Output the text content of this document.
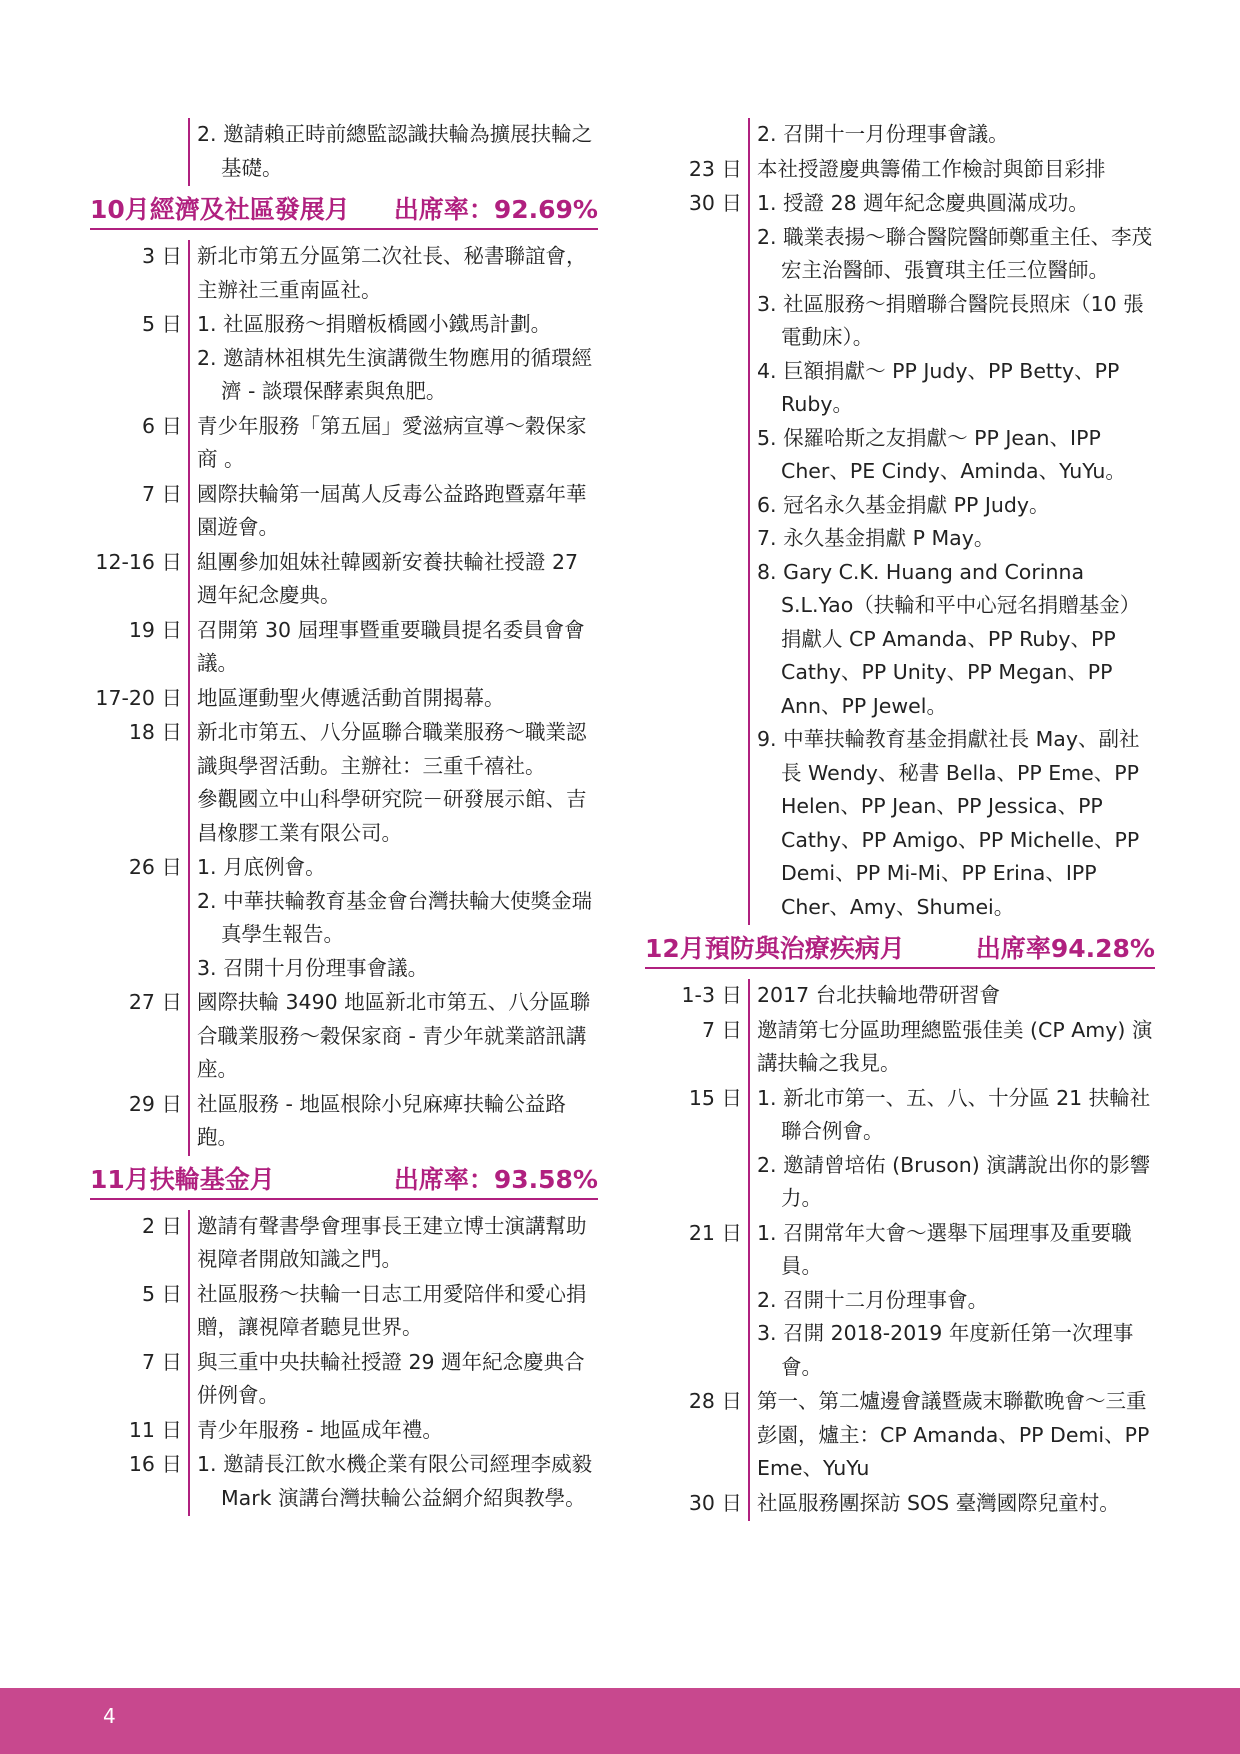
2. 邀請賴正時前總監認識扶輪為擴展扶輪之基礎。
10月經濟及社區發展月 出席率：92.69%
3 日 新北市第五分區第二次社長、秘書聯誼會，主辦社三重南區社。
5 日 1. 社區服務～捐贈板橋國小鐵馬計劃。
2. 邀請林祖棋先生演講微生物應用的循環經濟 - 談環保酵素與魚肥。
6 日 青少年服務「第五屆」愛滋病宣導～穀保家商 。
7 日 國際扶輪第一屆萬人反毒公益路跑暨嘉年華園遊會。
12-16 日 組團參加姐妹社韓國新安養扶輪社授證 27 週年紀念慶典。
19 日 召開第 30 屆理事暨重要職員提名委員會會議。
17-20 日 地區運動聖火傳遞活動首開揭幕。
18 日 新北市第五、八分區聯合職業服務～職業認識與學習活動。主辦社：三重千禧社。
參觀國立中山科學研究院－研發展示館、吉昌橡膠工業有限公司。
26 日 1. 月底例會。
2. 中華扶輪教育基金會台灣扶輪大使獎金瑞真學生報告。
3. 召開十月份理事會議。
27 日 國際扶輪 3490 地區新北市第五、八分區聯合職業服務～穀保家商 - 青少年就業諮訊講座。
29 日 社區服務 - 地區根除小兒麻痺扶輪公益路跑。
11月扶輪基金月	出席率：93.58%
2 日 邀請有聲書學會理事長王建立博士演講幫助視障者開啟知識之門。
5 日 社區服務～扶輪一日志工用愛陪伴和愛心捐贈，讓視障者聽見世界。
7 日 與三重中央扶輪社授證 29 週年紀念慶典合併例會。
11 日 青少年服務 - 地區成年禮。
16 日 1. 邀請長江飲水機企業有限公司經理李威毅 Mark 演講台灣扶輪公益網介紹與教學。
2. 召開十一月份理事會議。
23 日 本社授證慶典籌備工作檢討與節目彩排
30 日 1. 授證 28 週年紀念慶典圓滿成功。
2. 職業表揚～聯合醫院醫師鄭重主任、李茂宏主治醫師、張寶琪主任三位醫師。
3. 社區服務～捐贈聯合醫院長照床（10 張電動床）。
4. 巨額捐獻～ PP Judy、PP Betty、PP Ruby。
5. 保羅哈斯之友捐獻～ PP Jean、IPP Cher、PE Cindy、Aminda、YuYu。
6. 冠名永久基金捐獻 PP Judy。
7. 永久基金捐獻 P May。
8. Gary C.K. Huang and Corinna S.L.Yao（扶輪和平中心冠名捐贈基金）捐獻人 CP Amanda、PP Ruby、PP Cathy、PP Unity、PP Megan、PP Ann、PP Jewel。
9. 中華扶輪教育基金捐獻社長 May、副社長 Wendy、秘書 Bella、PP Eme、PP Helen、PP Jean、PP Jessica、PP Cathy、PP Amigo、PP Michelle、PP Demi、PP Mi-Mi、PP Erina、IPP Cher、Amy、Shumei。
12月預防與治療疾病月	出席率94.28%
1-3 日 2017 台北扶輪地帶研習會
7 日 邀請第七分區助理總監張佳美 (CP Amy) 演講扶輪之我見。
15 日 1. 新北市第一、五、八、十分區 21 扶輪社聯合例會。
2. 邀請曾培佑 (Bruson) 演講說出你的影響力。
21 日 1. 召開常年大會～選舉下屆理事及重要職員。
2. 召開十二月份理事會。
3. 召開 2018-2019 年度新任第一次理事會。
28 日 第一、第二爐邊會議暨歲末聯歡晚會～三重彭園，爐主：CP Amanda、PP Demi、PP Eme、YuYu
30 日 社區服務團探訪 SOS 臺灣國際兒童村。
4
